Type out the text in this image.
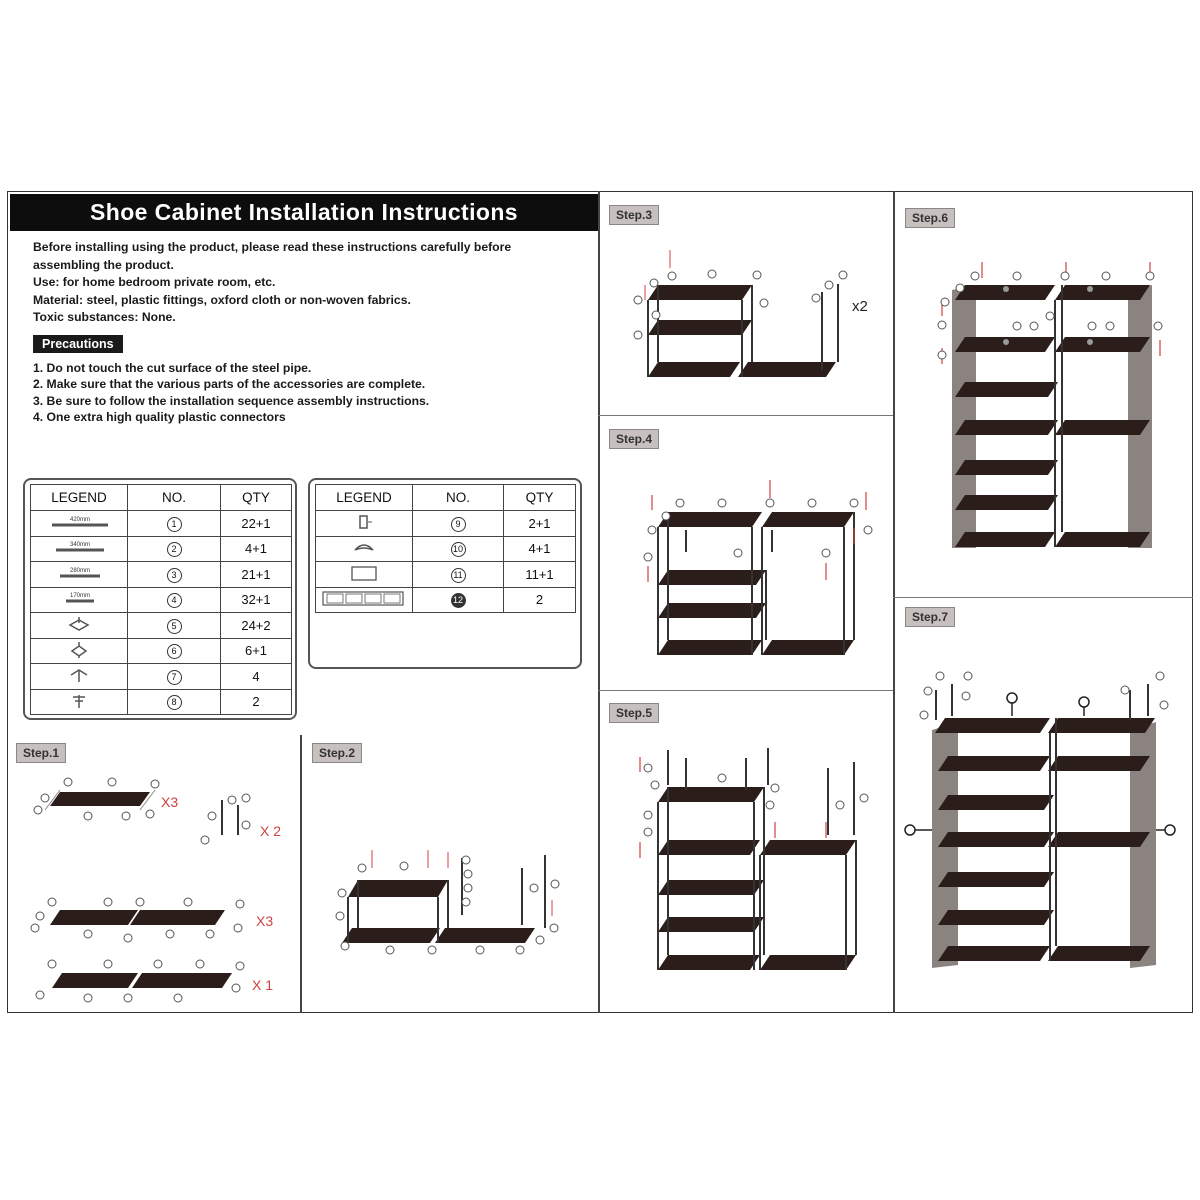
Shoe Cabinet Installation Instructions
Before installing using the product, please read these instructions carefully before
assembling the product.
Use: for home bedroom private room, etc.
Material: steel, plastic fittings, oxford cloth or non-woven fabrics.
Toxic substances: None.
Precautions
1. Do not touch the cut surface of the steel pipe.
2. Make sure that the various parts of the accessories are complete.
3. Be sure to follow the installation sequence assembly instructions.
4. One extra high quality plastic connectors
LEGEND	NO.	QTY

420mm	1	22+1

340mm	2	4+1

280mm	3	21+1

170mm	4	32+1
	5	24+2
	6	6+1
	7	4
	8	2
LEGEND	NO.	QTY
	9	2+1
	10	4+1
	11	11+1
	12	2
Step.1	Step.2
Step.3
Step.4
Step.5
Step.6
Step.7
X3
X 2
X3
X 1
x2
